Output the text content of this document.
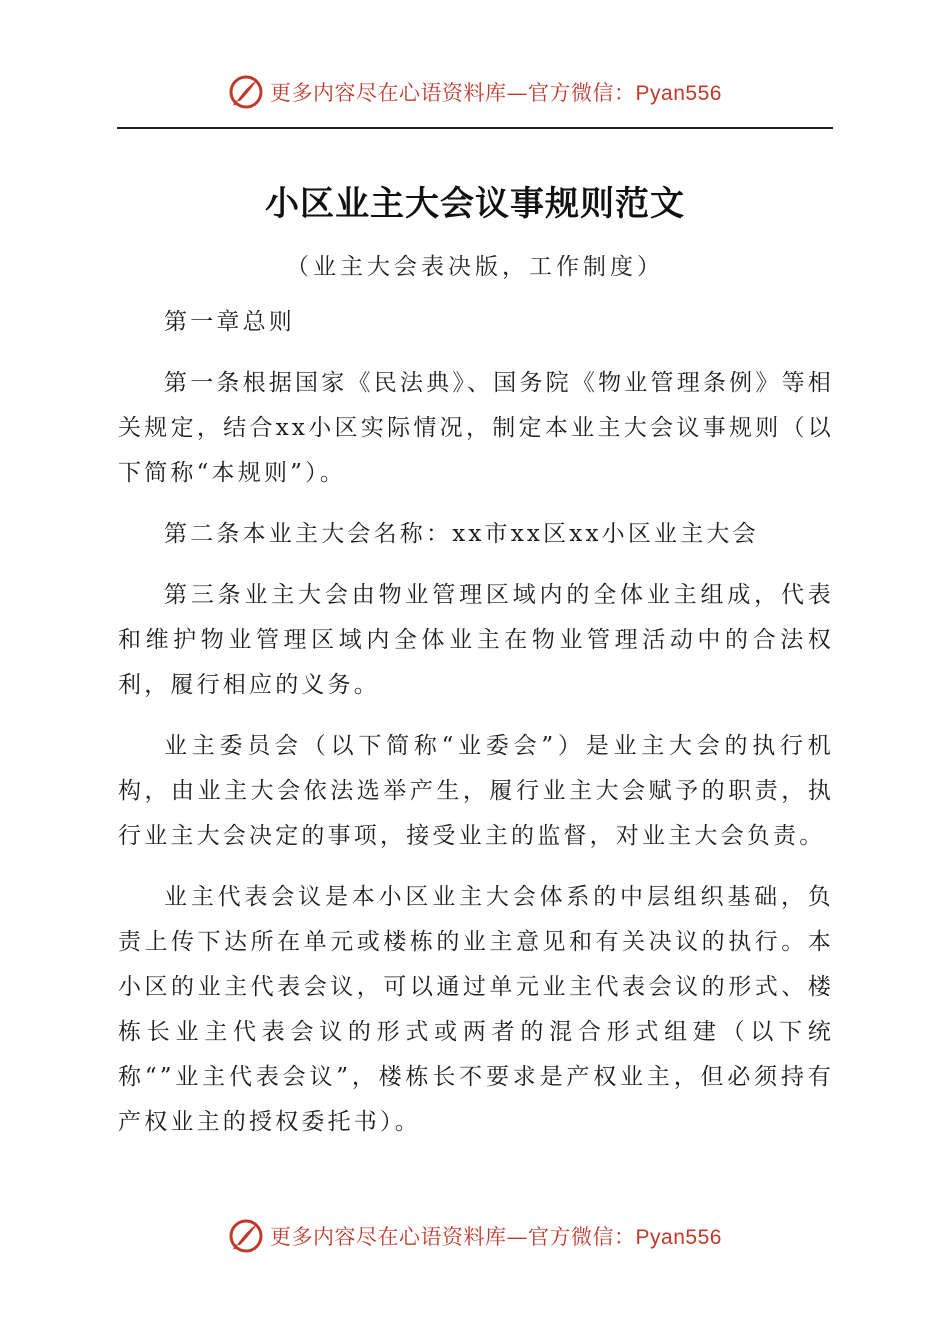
更多内容尽在心语资料库—官方微信：Pyan556
小区业主大会议事规则范文
（业主大会表决版，工作制度）

第一章总则

第一条根据国家《民法典》、国务院《物业管理条例》等相关规定，结合xx小区实际情况，制定本业主大会议事规则（以下简称“本规则”）。

第二条本业主大会名称：xx市xx区xx小区业主大会

第三条业主大会由物业管理区域内的全体业主组成，代表和维护物业管理区域内全体业主在物业管理活动中的合法权利，履行相应的义务。

业主委员会（以下简称“业委会”）是业主大会的执行机构，由业主大会依法选举产生，履行业主大会赋予的职责，执行业主大会决定的事项，接受业主的监督，对业主大会负责。

业主代表会议是本小区业主大会体系的中层组织基础，负责上传下达所在单元或楼栋的业主意见和有关决议的执行。本小区的业主代表会议，可以通过单元业主代表会议的形式、楼栋长业主代表会议的形式或两者的混合形式组建（以下统称“”业主代表会议”，楼栋长不要求是产权业主，但必须持有产权业主的授权委托书）。

更多内容尽在心语资料库—官方微信：Pyan556
